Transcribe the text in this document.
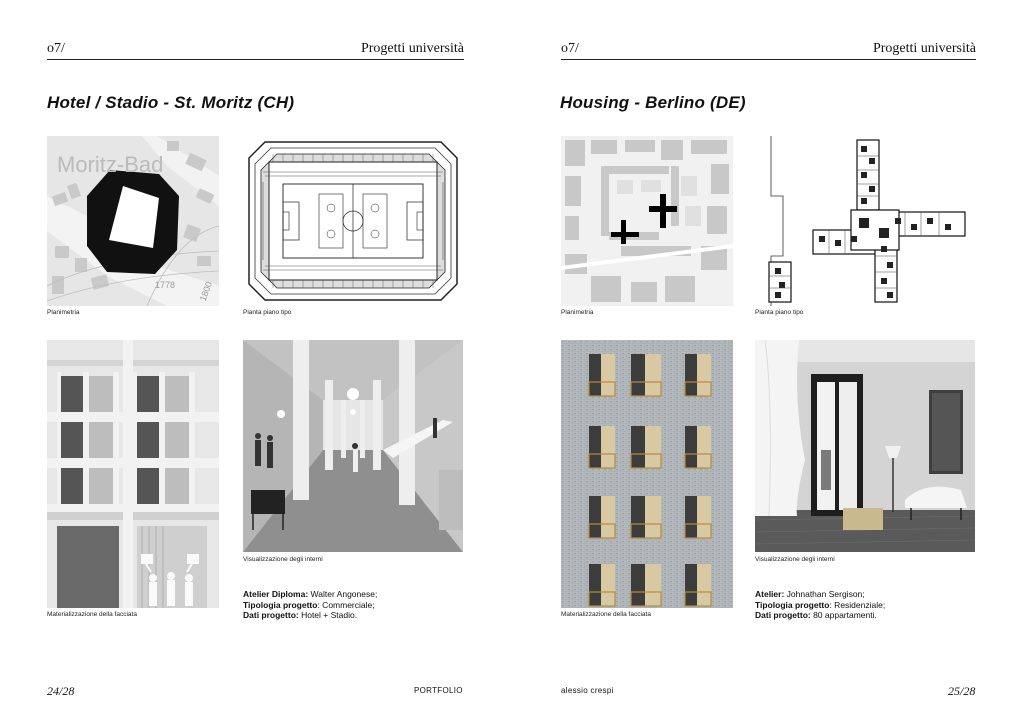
o7/	Progetti università
Hotel / Stadio - St. Moritz (CH)
Moritz-Bad
1778	1800
Planimetria	Pianta piano tipo
Materializzazione della facciata
Visualizzazione degli interni
Atelier Diploma: Walter Angonese;
Tipologia progetto: Commerciale;
Dati progetto: Hotel + Stadio.
24/28	PORTFOLIO
o7/	Progetti università
Housing - Berlino (DE)
Planimetria	Pianta piano tipo
Materializzazione della facciata
Visualizzazione degli interni
Atelier: Johnathan Sergison;
Tipologia progetto: Residenziale;
Dati progetto: 80 appartamenti.
alessio crespi	25/28
